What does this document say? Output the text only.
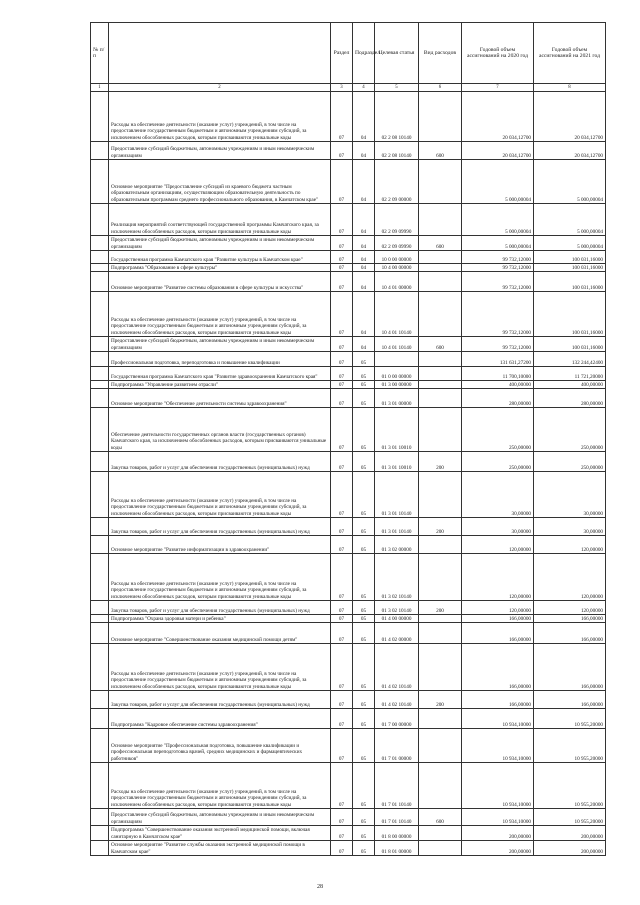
№ п/п		Раздел	Подраздел	Целевая статья	Вид расходов	Годовой объем ассигнований на 2020 год	Годовой объем ассигнований на 2021 год
1	2	3	4	5	6	7	8
	Расходы на обеспечение деятельности (оказание услуг) учреждений, в том числе на предоставление государственным бюджетным и автономным учреждениям субсидий, за исключением обособленных расходов, которым присваиваются уникальные коды	07	04	02 2 08 10140		20 034,12700	20 034,12700
	Предоставление субсидий бюджетным, автономным учреждениям и иным некоммерческим организациям	07	04	02 2 08 10140	600	20 034,12700	20 034,12700
	Основное мероприятие "Предоставление субсидий из краевого бюджета частным образовательным организациям, осуществляющим образовательную деятельность по образовательным программам среднего профессионального образования, в Камчатском крае"	07	04	02 2 09 00000		5 000,00004	5 000,00004
	Реализация мероприятий соответствующей государственной программы Камчатского края, за исключением обособленных расходов, которым присваиваются уникальные коды	07	04	02 2 09 09990		5 000,00004	5 000,00004
	Предоставление субсидий бюджетным, автономным учреждениям и иным некоммерческим организациям	07	04	02 2 09 09990	600	5 000,00004	5 000,00004
	Государственная программа Камчатского края "Развитие культуры в Камчатском крае"	07	04	10 0 00 00000		99 732,12000	100 031,16000
	Подпрограмма "Образование в сфере культуры"	07	04	10 4 00 00000		99 732,12000	100 031,16000
	Основное мероприятие "Развитие системы образования в сфере культуры и искусства"	07	04	10 4 01 00000		99 732,12000	100 031,16000
	Расходы на обеспечение деятельности (оказание услуг) учреждений, в том числе на предоставление государственным бюджетным и автономным учреждениям субсидий, за исключением обособленных расходов, которым присваиваются уникальные коды	07	04	10 4 01 10140		99 732,12000	100 031,16000
	Предоставление субсидий бюджетным, автономным учреждениям и иным некоммерческим организациям	07	04	10 4 01 10140	600	99 732,12000	100 031,16000
	Профессиональная подготовка, переподготовка и повышение квалификации	07	05			131 631,27200	132 244,42400
	Государственная программа Камчатского края "Развитие здравоохранения Камчатского края"	07	05	01 0 00 00000		11 700,10000	11 721,20000
	Подпрограмма "Управление развитием отрасли"	07	05	01 3 00 00000		400,00000	400,00000
	Основное мероприятие "Обеспечение деятельности системы здравоохранения"	07	05	01 3 01 00000		280,00000	280,00000
	Обеспечение деятельности государственных органов власти (государственных органов) Камчатского края, за исключением обособленных расходов, которым присваиваются уникальные коды	07	05	01 3 01 10010		250,00000	250,00000
	Закупка товаров, работ и услуг для обеспечения государственных (муниципальных) нужд	07	05	01 3 01 10010	200	250,00000	250,00000
	Расходы на обеспечение деятельности (оказание услуг) учреждений, в том числе на предоставление государственным бюджетным и автономным учреждениям субсидий, за исключением обособленных расходов, которым присваиваются уникальные коды	07	05	01 3 01 10140		30,00000	30,00000
	Закупка товаров, работ и услуг для обеспечения государственных (муниципальных) нужд	07	05	01 3 01 10140	200	30,00000	30,00000
	Основное мероприятие "Развитие информатизации в здравоохранении"	07	05	01 3 02 00000		120,00000	120,00000
	Расходы на обеспечение деятельности (оказание услуг) учреждений, в том числе на предоставление государственным бюджетным и автономным учреждениям субсидий, за исключением обособленных расходов, которым присваиваются уникальные коды	07	05	01 3 02 10140		120,00000	120,00000
	Закупка товаров, работ и услуг для обеспечения государственных (муниципальных) нужд	07	05	01 3 02 10140	200	120,00000	120,00000
	Подпрограмма "Охрана здоровья матери и ребенка"	07	05	01 4 00 00000		166,00000	166,00000
	Основное мероприятие "Совершенствование оказания медицинской помощи детям"	07	05	01 4 02 00000		166,00000	166,00000
	Расходы на обеспечение деятельности (оказание услуг) учреждений, в том числе на предоставление государственным бюджетным и автономным учреждениям субсидий, за исключением обособленных расходов, которым присваиваются уникальные коды	07	05	01 4 02 10140		166,00000	166,00000
	Закупка товаров, работ и услуг для обеспечения государственных (муниципальных) нужд	07	05	01 4 02 10140	200	166,00000	166,00000
	Подпрограмма "Кадровое обеспечение системы здравоохранения"	07	05	01 7 00 00000		10 934,10000	10 955,20000
	Основное мероприятие "Профессиональная подготовка, повышение квалификации и профессиональная переподготовка врачей, средних медицинских и фармацевтических работников"	07	05	01 7 01 00000		10 934,10000	10 955,20000
	Расходы на обеспечение деятельности (оказание услуг) учреждений, в том числе на предоставление государственным бюджетным и автономным учреждениям субсидий, за исключением обособленных расходов, которым присваиваются уникальные коды	07	05	01 7 01 10140		10 934,10000	10 955,20000
	Предоставление субсидий бюджетным, автономным учреждениям и иным некоммерческим организациям	07	05	01 7 01 10140	600	10 934,10000	10 955,20000
	Подпрограмма "Совершенствование оказания экстренной медицинской помощи, включая санитарную в Камчатском крае"	07	05	01 8 00 00000		200,00000	200,00000
	Основное мероприятие "Развитие службы оказания экстренной медицинской помощи в Камчатском крае"	07	05	01 8 01 00000		200,00000	200,00000
28
